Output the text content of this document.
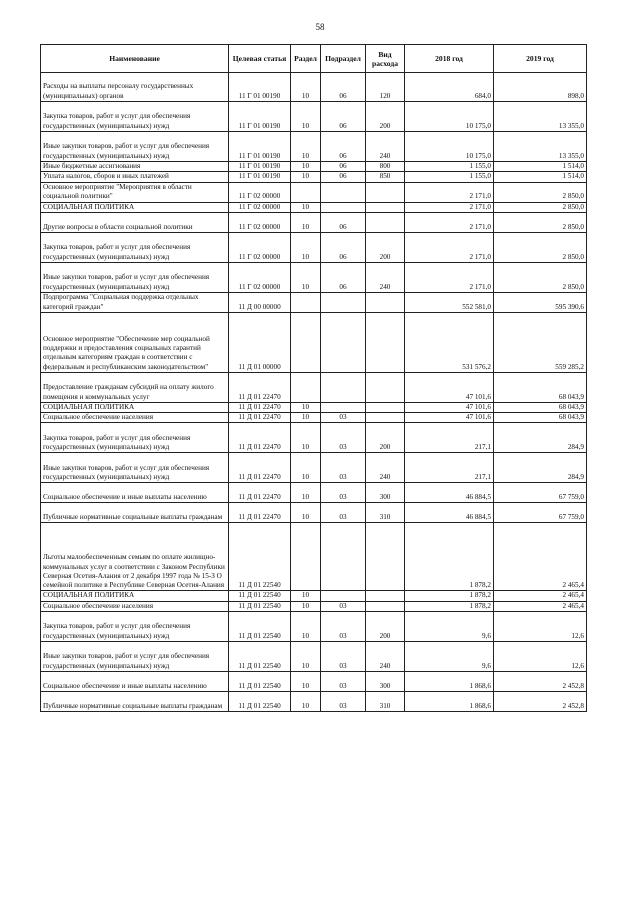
58
Наименование	Целевая статья	Раздел	Подраздел	Вид расхода	2018 год	2019 год
Расходы на выплаты персоналу государственных (муниципальных) органов	11 Г 01 00190	10	06	120	684,0	898,0
Закупка товаров, работ и услуг для обеспечения государственных (муниципальных) нужд	11 Г 01 00190	10	06	200	10 175,0	13 355,0
Иные закупки товаров, работ и услуг для обеспечения государственных (муниципальных) нужд	11 Г 01 00190	10	06	240	10 175,0	13 355,0
Иные бюджетные ассигнования	11 Г 01 00190	10	06	800	1 155,0	1 514,0
Уплата налогов, сборов и иных платежей	11 Г 01 00190	10	06	850	1 155,0	1 514,0
Основное мероприятие "Мероприятия в области социальной политики"	11 Г 02 00000				2 171,0	2 850,0
СОЦИАЛЬНАЯ ПОЛИТИКА	11 Г 02 00000	10			2 171,0	2 850,0
Другие вопросы в области социальной политики	11 Г 02 00000	10	06		2 171,0	2 850,0
Закупка товаров, работ и услуг для обеспечения государственных (муниципальных) нужд	11 Г 02 00000	10	06	200	2 171,0	2 850,0
Иные закупки товаров, работ и услуг для обеспечения государственных (муниципальных) нужд	11 Г 02 00000	10	06	240	2 171,0	2 850,0
Подпрограмма "Социальная поддержка отдельных категорий граждан"	11 Д 00 00000				552 581,0	595 390,6
Основное мероприятие "Обеспечение мер социальной поддержки и предоставления социальных гарантий отдельным категориям граждан в соответствии с федеральным и республиканским законодательством"	11 Д 01 00000				531 576,2	559 285,2
Предоставление гражданам субсидий на оплату жилого помещения и коммунальных услуг	11 Д 01 22470				47 101,6	68 043,9
СОЦИАЛЬНАЯ ПОЛИТИКА	11 Д 01 22470	10			47 101,6	68 043,9
Социальное обеспечение населения	11 Д 01 22470	10	03		47 101,6	68 043,9
Закупка товаров, работ и услуг для обеспечения государственных (муниципальных) нужд	11 Д 01 22470	10	03	200	217,1	284,9
Иные закупки товаров, работ и услуг для обеспечения государственных (муниципальных) нужд	11 Д 01 22470	10	03	240	217,1	284,9
Социальное обеспечение и иные выплаты населению	11 Д 01 22470	10	03	300	46 884,5	67 759,0
Публичные нормативные социальные выплаты гражданам	11 Д 01 22470	10	03	310	46 884,5	67 759,0
Льготы малообеспеченным семьям по оплате жилищно-коммунальных услуг в соответствии с Законом Республики Северная Осетия-Алания от 2 декабря 1997 года № 15-З О семейной политике в Республике Северная Осетия-Алания	11 Д 01 22540				1 878,2	2 465,4
СОЦИАЛЬНАЯ ПОЛИТИКА	11 Д 01 22540	10			1 878,2	2 465,4
Социальное обеспечение населения	11 Д 01 22540	10	03		1 878,2	2 465,4
Закупка товаров, работ и услуг для обеспечения государственных (муниципальных) нужд	11 Д 01 22540	10	03	200	9,6	12,6
Иные закупки товаров, работ и услуг для обеспечения государственных (муниципальных) нужд	11 Д 01 22540	10	03	240	9,6	12,6
Социальное обеспечение и иные выплаты населению	11 Д 01 22540	10	03	300	1 868,6	2 452,8
Публичные нормативные социальные выплаты гражданам	11 Д 01 22540	10	03	310	1 868,6	2 452,8
